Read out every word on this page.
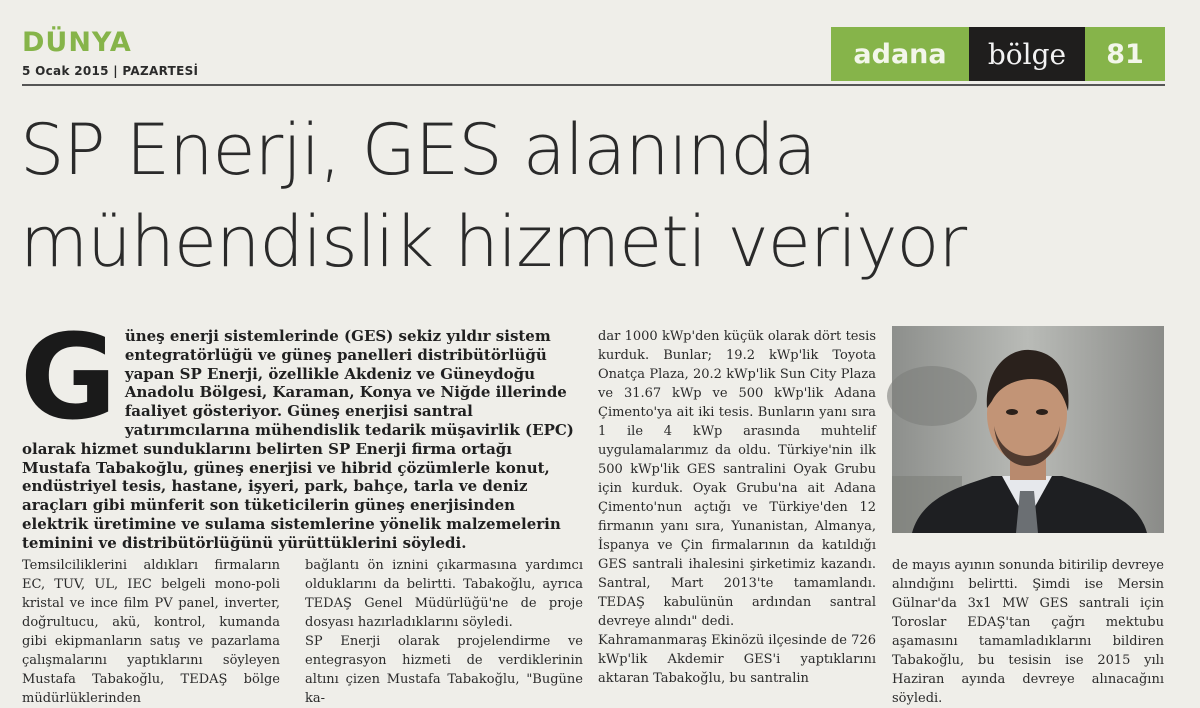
DÜNYA
5 Ocak 2015 | PAZARTESİ
adana	bölge	81
SP Enerji, GES alanında mühendislik hizmeti veriyor

Güneş enerji sistemlerinde (GES) sekiz yıldır sistem entegratörlüğü ve güneş panelleri distribütörlüğü yapan SP Enerji, özellikle Akdeniz ve Güneydoğu Anadolu Bölgesi, Karaman, Konya ve Niğde illerinde faaliyet gösteriyor. Güneş enerjisi santral yatırımcılarına mühendislik tedarik müşavirlik (EPC) olarak hizmet sunduklarını belirten SP Enerji firma ortağı Mustafa Tabakoğlu, güneş enerjisi ve hibrid çözümlerle konut, endüstriyel tesis, hastane, işyeri, park, bahçe, tarla ve deniz araçları gibi münferit son tüketicilerin güneş enerjisinden elektrik üretimine ve sulama sistemlerine yönelik malzemelerin teminini ve distribütörlüğünü yürüttüklerini söyledi.

Temsilciliklerini aldıkları firmaların EC, TUV, UL, IEC belgeli mono-poli kristal ve ince film PV panel, inverter, doğrultucu, akü, kontrol, kumanda gibi ekipmanların satış ve pazarlama çalışmalarını yaptıklarını söyleyen Mustafa Tabakoğlu, TEDAŞ bölge müdürlüklerinden

bağlantı ön iznini çıkarmasına yardımcı olduklarını da belirtti. Tabakoğlu, ayrıca TEDAŞ Genel Müdürlüğü'ne de proje dosyası hazırladıklarını söyledi.
SP Enerji olarak projelendirme ve entegrasyon hizmeti de verdiklerinin altını çizen Mustafa Tabakoğlu, "Bugüne ka-

dar 1000 kWp'den küçük olarak dört tesis kurduk. Bunlar; 19.2 kWp'lik Toyota Onatça Plaza, 20.2 kWp'lik Sun City Plaza ve 31.67 kWp ve 500 kWp'lik Adana Çimento'ya ait iki tesis. Bunların yanı sıra 1 ile 4 kWp arasında muhtelif uygulamalarımız da oldu. Türkiye'nin ilk 500 kWp'lik GES santralini Oyak Grubu için kurduk. Oyak Grubu'na ait Adana Çimento'nun açtığı ve Türkiye'den 12 firmanın yanı sıra, Yunanistan, Almanya, İspanya ve Çin firmalarının da katıldığı GES santrali ihalesini şirketimiz kazandı. Santral, Mart 2013'te tamamlandı. TEDAŞ kabulünün ardından santral devreye alındı" dedi.
Kahramanmaraş Ekinözü ilçesinde de 726 kWp'lik Akdemir GES'i yaptıklarını aktaran Tabakoğlu, bu santralin

de mayıs ayının sonunda bitirilip devreye alındığını belirtti. Şimdi ise Mersin Gülnar'da 3x1 MW GES santrali için Toroslar EDAŞ'tan çağrı mektubu aşamasını tamamladıklarını bildiren Tabakoğlu, bu tesisin ise 2015 yılı Haziran ayında devreye alınacağını söyledi.
